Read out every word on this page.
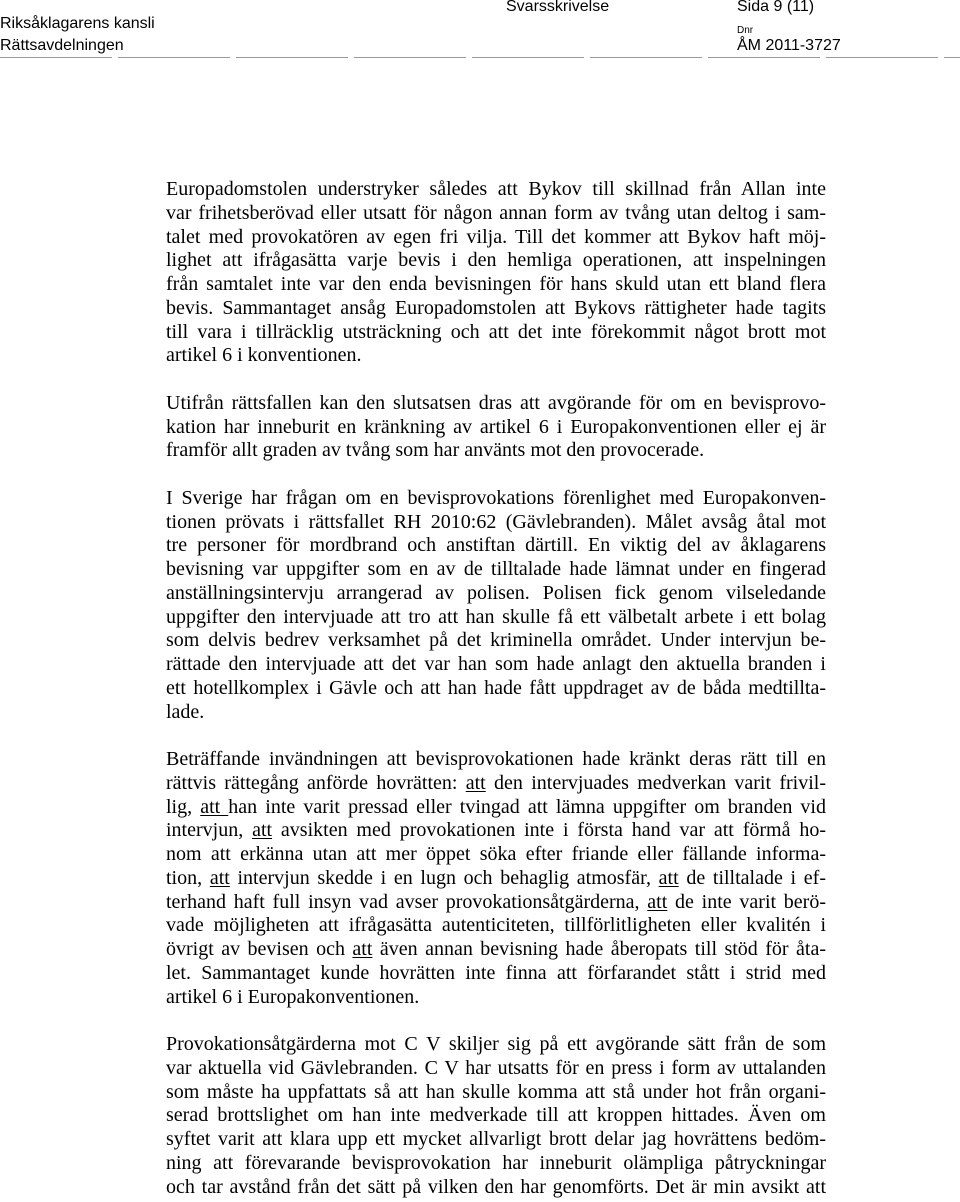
Riksåklagarens kansli
Rättsavdelningen
Svarsskrivelse	Sida 9 (11)
Dnr
ÅM 2011-3727
Europadomstolen understryker således att Bykov till skillnad från Allan inte
var frihetsberövad eller utsatt för någon annan form av tvång utan deltog i sam-
talet med provokatören av egen fri vilja. Till det kommer att Bykov haft möj-
lighet att ifrågasätta varje bevis i den hemliga operationen, att inspelningen
från samtalet inte var den enda bevisningen för hans skuld utan ett bland flera
bevis. Sammantaget ansåg Europadomstolen att Bykovs rättigheter hade tagits
till vara i tillräcklig utsträckning och att det inte förekommit något brott mot
artikel 6 i konventionen.
Utifrån rättsfallen kan den slutsatsen dras att avgörande för om en bevisprovo-
kation har inneburit en kränkning av artikel 6 i Europakonventionen eller ej är
framför allt graden av tvång som har använts mot den provocerade.
I Sverige har frågan om en bevisprovokations förenlighet med Europakonven-
tionen prövats i rättsfallet RH 2010:62 (Gävlebranden). Målet avsåg åtal mot
tre personer för mordbrand och anstiftan därtill. En viktig del av åklagarens
bevisning var uppgifter som en av de tilltalade hade lämnat under en fingerad
anställningsintervju arrangerad av polisen. Polisen fick genom vilseledande
uppgifter den intervjuade att tro att han skulle få ett välbetalt arbete i ett bolag
som delvis bedrev verksamhet på det kriminella området. Under intervjun be-
rättade den intervjuade att det var han som hade anlagt den aktuella branden i
ett hotellkomplex i Gävle och att han hade fått uppdraget av de båda medtillta-
lade.
Beträffande invändningen att bevisprovokationen hade kränkt deras rätt till en
rättvis rättegång anförde hovrätten: att den intervjuades medverkan varit frivil-
lig, att han inte varit pressad eller tvingad att lämna uppgifter om branden vid
intervjun, att avsikten med provokationen inte i första hand var att förmå ho-
nom att erkänna utan att mer öppet söka efter friande eller fällande informa-
tion, att intervjun skedde i en lugn och behaglig atmosfär, att de tilltalade i ef-
terhand haft full insyn vad avser provokationsåtgärderna, att de inte varit berö-
vade möjligheten att ifrågasätta autenticiteten, tillförlitligheten eller kvalitén i
övrigt av bevisen och att även annan bevisning hade åberopats till stöd för åta-
let. Sammantaget kunde hovrätten inte finna att förfarandet stått i strid med
artikel 6 i Europakonventionen.
Provokationsåtgärderna mot C V skiljer sig på ett avgörande sätt från de som
var aktuella vid Gävlebranden. C V har utsatts för en press i form av uttalanden
som måste ha uppfattats så att han skulle komma att stå under hot från organi-
serad brottslighet om han inte medverkade till att kroppen hittades. Även om
syftet varit att klara upp ett mycket allvarligt brott delar jag hovrättens bedöm-
ning att förevarande bevisprovokation har inneburit olämpliga påtryckningar
och tar avstånd från det sätt på vilken den har genomförts. Det är min avsikt att
